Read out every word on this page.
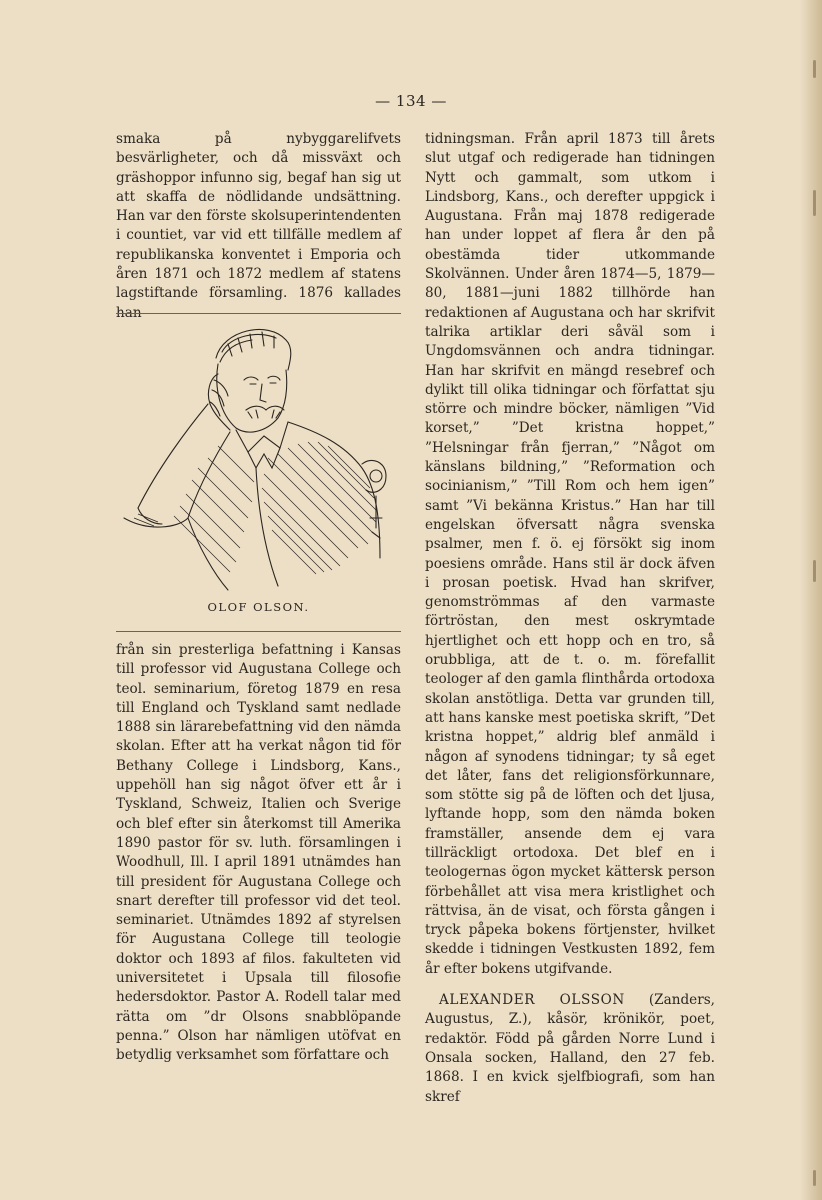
— 134 —

smaka på nybyggarelifvets besvärligheter, och då missväxt och gräshoppor infunno sig, begaf han sig ut att skaffa de nödlidande undsättning. Han var den förste skolsuperintendenten i countiet, var vid ett tillfälle medlem af republikanska konventet i Emporia och åren 1871 och 1872 medlem af statens lagstiftande församling. 1876 kallades han

OLOF OLSON.

från sin presterliga befattning i Kansas till professor vid Augustana College och teol. seminarium, företog 1879 en resa till England och Tyskland samt nedlade 1888 sin lärarebefattning vid den nämda skolan. Efter att ha verkat någon tid för Bethany College i Lindsborg, Kans., uppehöll han sig något öfver ett år i Tyskland, Schweiz, Italien och Sverige och blef efter sin återkomst till Amerika 1890 pastor för sv. luth. församlingen i Woodhull, Ill. I april 1891 utnämdes han till president för Augustana College och snart derefter till professor vid det teol. seminariet. Utnämdes 1892 af styrelsen för Augustana College till teologie doktor och 1893 af filos. fakulteten vid universitetet i Upsala till filosofie hedersdoktor. Pastor A. Rodell talar med rätta om ”dr Olsons snabblöpande penna.” Olson har nämligen utöfvat en betydlig verksamhet som författare och

tidningsman. Från april 1873 till årets slut utgaf och redigerade han tidningen Nytt och gammalt, som utkom i Lindsborg, Kans., och derefter uppgick i Augustana. Från maj 1878 redigerade han under loppet af flera år den på obestämda tider utkommande Skolvännen. Under åren 1874—5, 1879—80, 1881—juni 1882 tillhörde han redaktionen af Augustana och har skrifvit talrika artiklar deri såväl som i Ungdomsvännen och andra tidningar. Han har skrifvit en mängd resebref och dylikt till olika tidningar och författat sju större och mindre böcker, nämligen ”Vid korset,” ”Det kristna hoppet,” ”Helsningar från fjerran,” ”Något om känslans bildning,” ”Reformation och socinianism,” ”Till Rom och hem igen” samt ”Vi bekänna Kristus.” Han har till engelskan öfversatt några svenska psalmer, men f. ö. ej försökt sig inom poesiens område. Hans stil är dock äfven i prosan poetisk. Hvad han skrifver, genomströmmas af den varmaste förtröstan, den mest oskrymtade hjertlighet och ett hopp och en tro, så orubbliga, att de t. o. m. förefallit teologer af den gamla flinthårda ortodoxa skolan anstötliga. Detta var grunden till, att hans kanske mest poetiska skrift, ”Det kristna hoppet,” aldrig blef anmäld i någon af synodens tidningar; ty så eget det låter, fans det religionsförkunnare, som stötte sig på de löften och det ljusa, lyftande hopp, som den nämda boken framställer, ansende dem ej vara tillräckligt ortodoxa. Det blef en i teologernas ögon mycket kättersk person förbehållet att visa mera kristlighet och rättvisa, än de visat, och första gången i tryck påpeka bokens förtjenster, hvilket skedde i tidningen Vestkusten 1892, fem år efter bokens utgifvande.

ALEXANDER OLSSON (Zanders, Augustus, Z.), kåsör, krönikör, poet, redaktör. Född på gården Norre Lund i Onsala socken, Halland, den 27 feb. 1868. I en kvick sjelfbiografi, som han skref
